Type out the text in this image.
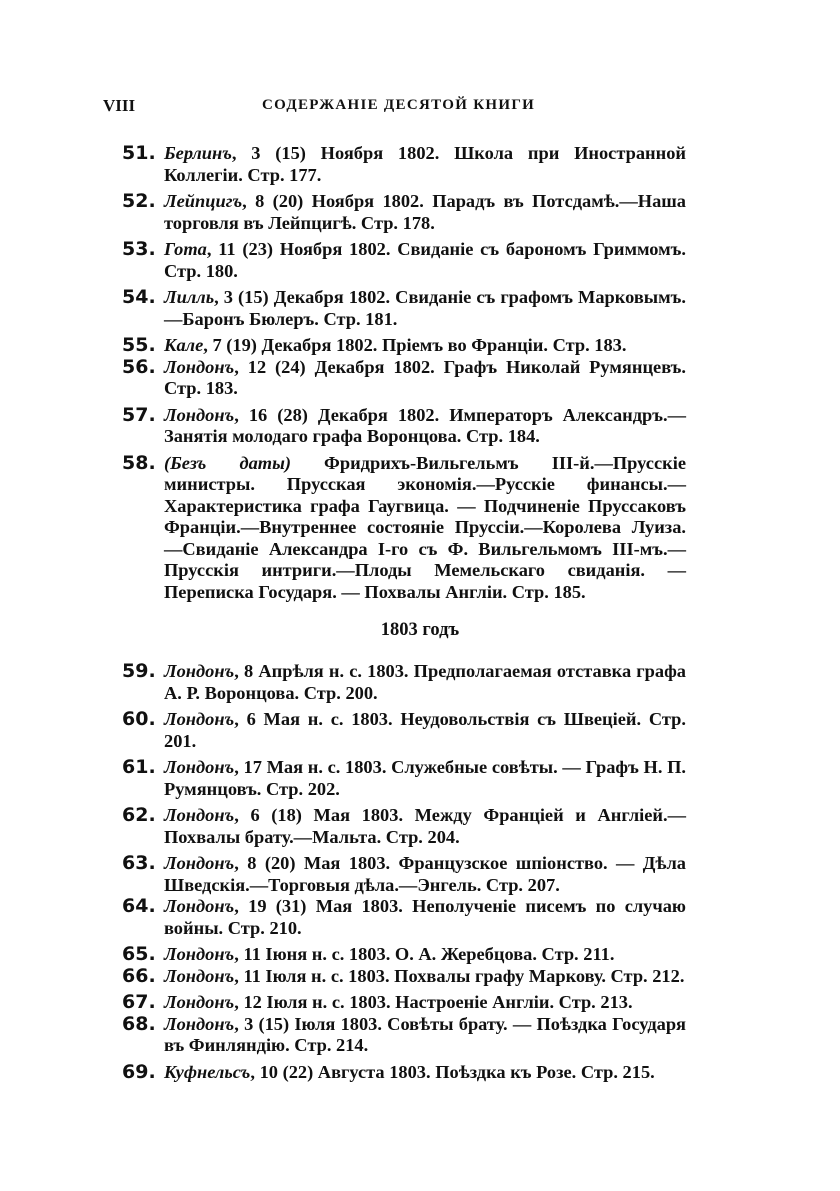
VIII	СОДЕРЖАНІЕ ДЕСЯТОЙ КНИГИ
51. Берлинъ, 3 (15) Ноября 1802. Школа при Иностранной Коллегіи. Стр. 177.
52. Лейпцигъ, 8 (20) Ноября 1802. Парадъ въ Потсдамѣ.—Наша торговля въ Лейпцигѣ. Стр. 178.
53. Гота, 11 (23) Ноября 1802. Свиданіе съ барономъ Гриммомъ. Стр. 180.
54. Лилль, 3 (15) Декабря 1802. Свиданіе съ графомъ Марковымъ.—Баронъ Бюлеръ. Стр. 181.
55. Кале, 7 (19) Декабря 1802. Пріемъ во Франціи. Стр. 183.
56. Лондонъ, 12 (24) Декабря 1802. Графъ Николай Румянцевъ. Стр. 183.
57. Лондонъ, 16 (28) Декабря 1802. Императоръ Александръ.—Занятія молодаго графа Воронцова. Стр. 184.
58. (Безъ даты) Фридрихъ-Вильгельмъ III-й.—Прусскіе министры. Прусская экономія.—Русскіе финансы.—Характеристика графа Гаугвица. — Подчиненіе Пруссаковъ Франціи.—Внутреннее состояніе Пруссіи.—Королева Луиза.—Свиданіе Александра I-го съ Ф. Вильгельмомъ III-мъ.—Прусскія интриги.—Плоды Мемельскаго свиданія. — Переписка Государя. — Похвалы Англіи. Стр. 185.
1803 годъ
59. Лондонъ, 8 Апрѣля н. с. 1803. Предполагаемая отставка графа А. Р. Воронцова. Стр. 200.
60. Лондонъ, 6 Мая н. с. 1803. Неудовольствія съ Швеціей. Стр. 201.
61. Лондонъ, 17 Мая н. с. 1803. Служебные совѣты. — Графъ Н. П. Румянцовъ. Стр. 202.
62. Лондонъ, 6 (18) Мая 1803. Между Франціей и Англіей.—Похвалы брату.—Мальта. Стр. 204.
63. Лондонъ, 8 (20) Мая 1803. Французское шпіонство. — Дѣла Шведскія.—Торговыя дѣла.—Энгель. Стр. 207.
64. Лондонъ, 19 (31) Мая 1803. Неполученіе писемъ по случаю войны. Стр. 210.
65. Лондонъ, 11 Іюня н. с. 1803. О. А. Жеребцова. Стр. 211.
66. Лондонъ, 11 Іюля н. с. 1803. Похвалы графу Маркову. Стр. 212.
67. Лондонъ, 12 Іюля н. с. 1803. Настроеніе Англіи. Стр. 213.
68. Лондонъ, 3 (15) Іюля 1803. Совѣты брату. — Поѣздка Государя въ Финляндію. Стр. 214.
69. Куфнельсъ, 10 (22) Августа 1803. Поѣздка къ Розе. Стр. 215.
